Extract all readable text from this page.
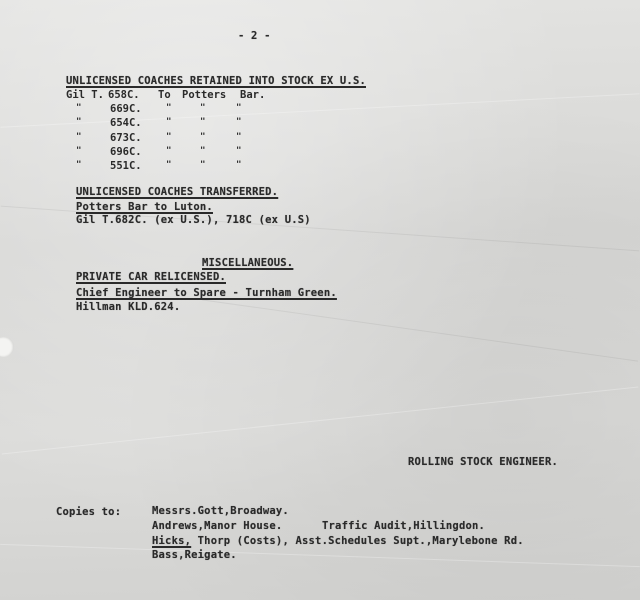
- 2 -
UNLICENSED COACHES RETAINED INTO STOCK EX U.S.
Gil T. 658C. To Potters Bar.
"	669C.	"	"	"
"	654C.	"	"	"
"	673C.	"	"	"
"	696C.	"	"	"
"	551C.	"	"	"
UNLICENSED COACHES TRANSFERRED.
Potters Bar to Luton.
Gil T.682C. (ex U.S.), 718C (ex U.S)
MISCELLANEOUS.
PRIVATE CAR RELICENSED.
Chief Engineer to Spare - Turnham Green.
Hillman KLD.624.
ROLLING STOCK ENGINEER.
Copies to:	Messrs.Gott,Broadway.
Andrews,Manor House.	Traffic Audit,Hillingdon.
Hicks, Thorp (Costs), Asst.Schedules Supt.,Marylebone Rd.
Bass,Reigate.
